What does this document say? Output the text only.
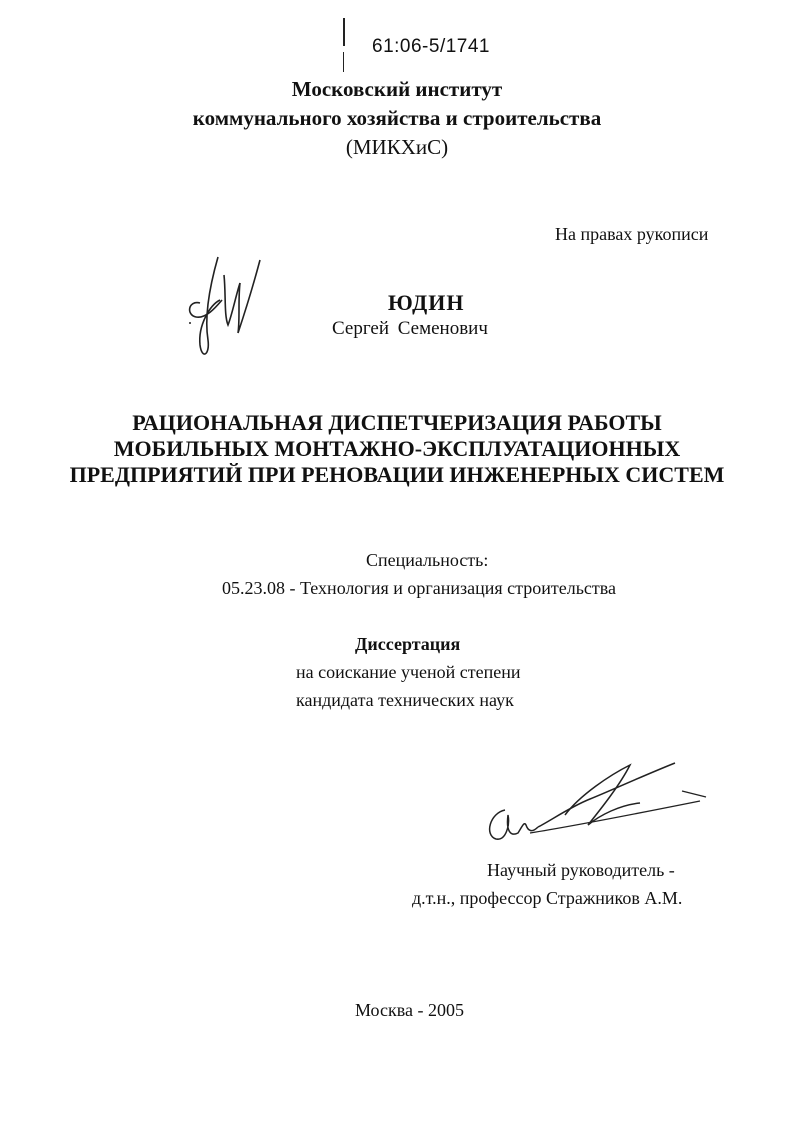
61:06-5/1741
Московский институт
коммунального хозяйства и строительства
(МИКХиС)
На правах рукописи
ЮДИН
Сергей Семенович
РАЦИОНАЛЬНАЯ ДИСПЕТЧЕРИЗАЦИЯ РАБОТЫ
МОБИЛЬНЫХ МОНТАЖНО-ЭКСПЛУАТАЦИОННЫХ
ПРЕДПРИЯТИЙ ПРИ РЕНОВАЦИИ ИНЖЕНЕРНЫХ СИСТЕМ
Специальность:
05.23.08 - Технология и организация строительства
Диссертация
на соискание ученой степени
кандидата технических наук
Научный руководитель -
д.т.н., профессор Стражников А.М.
Москва - 2005
